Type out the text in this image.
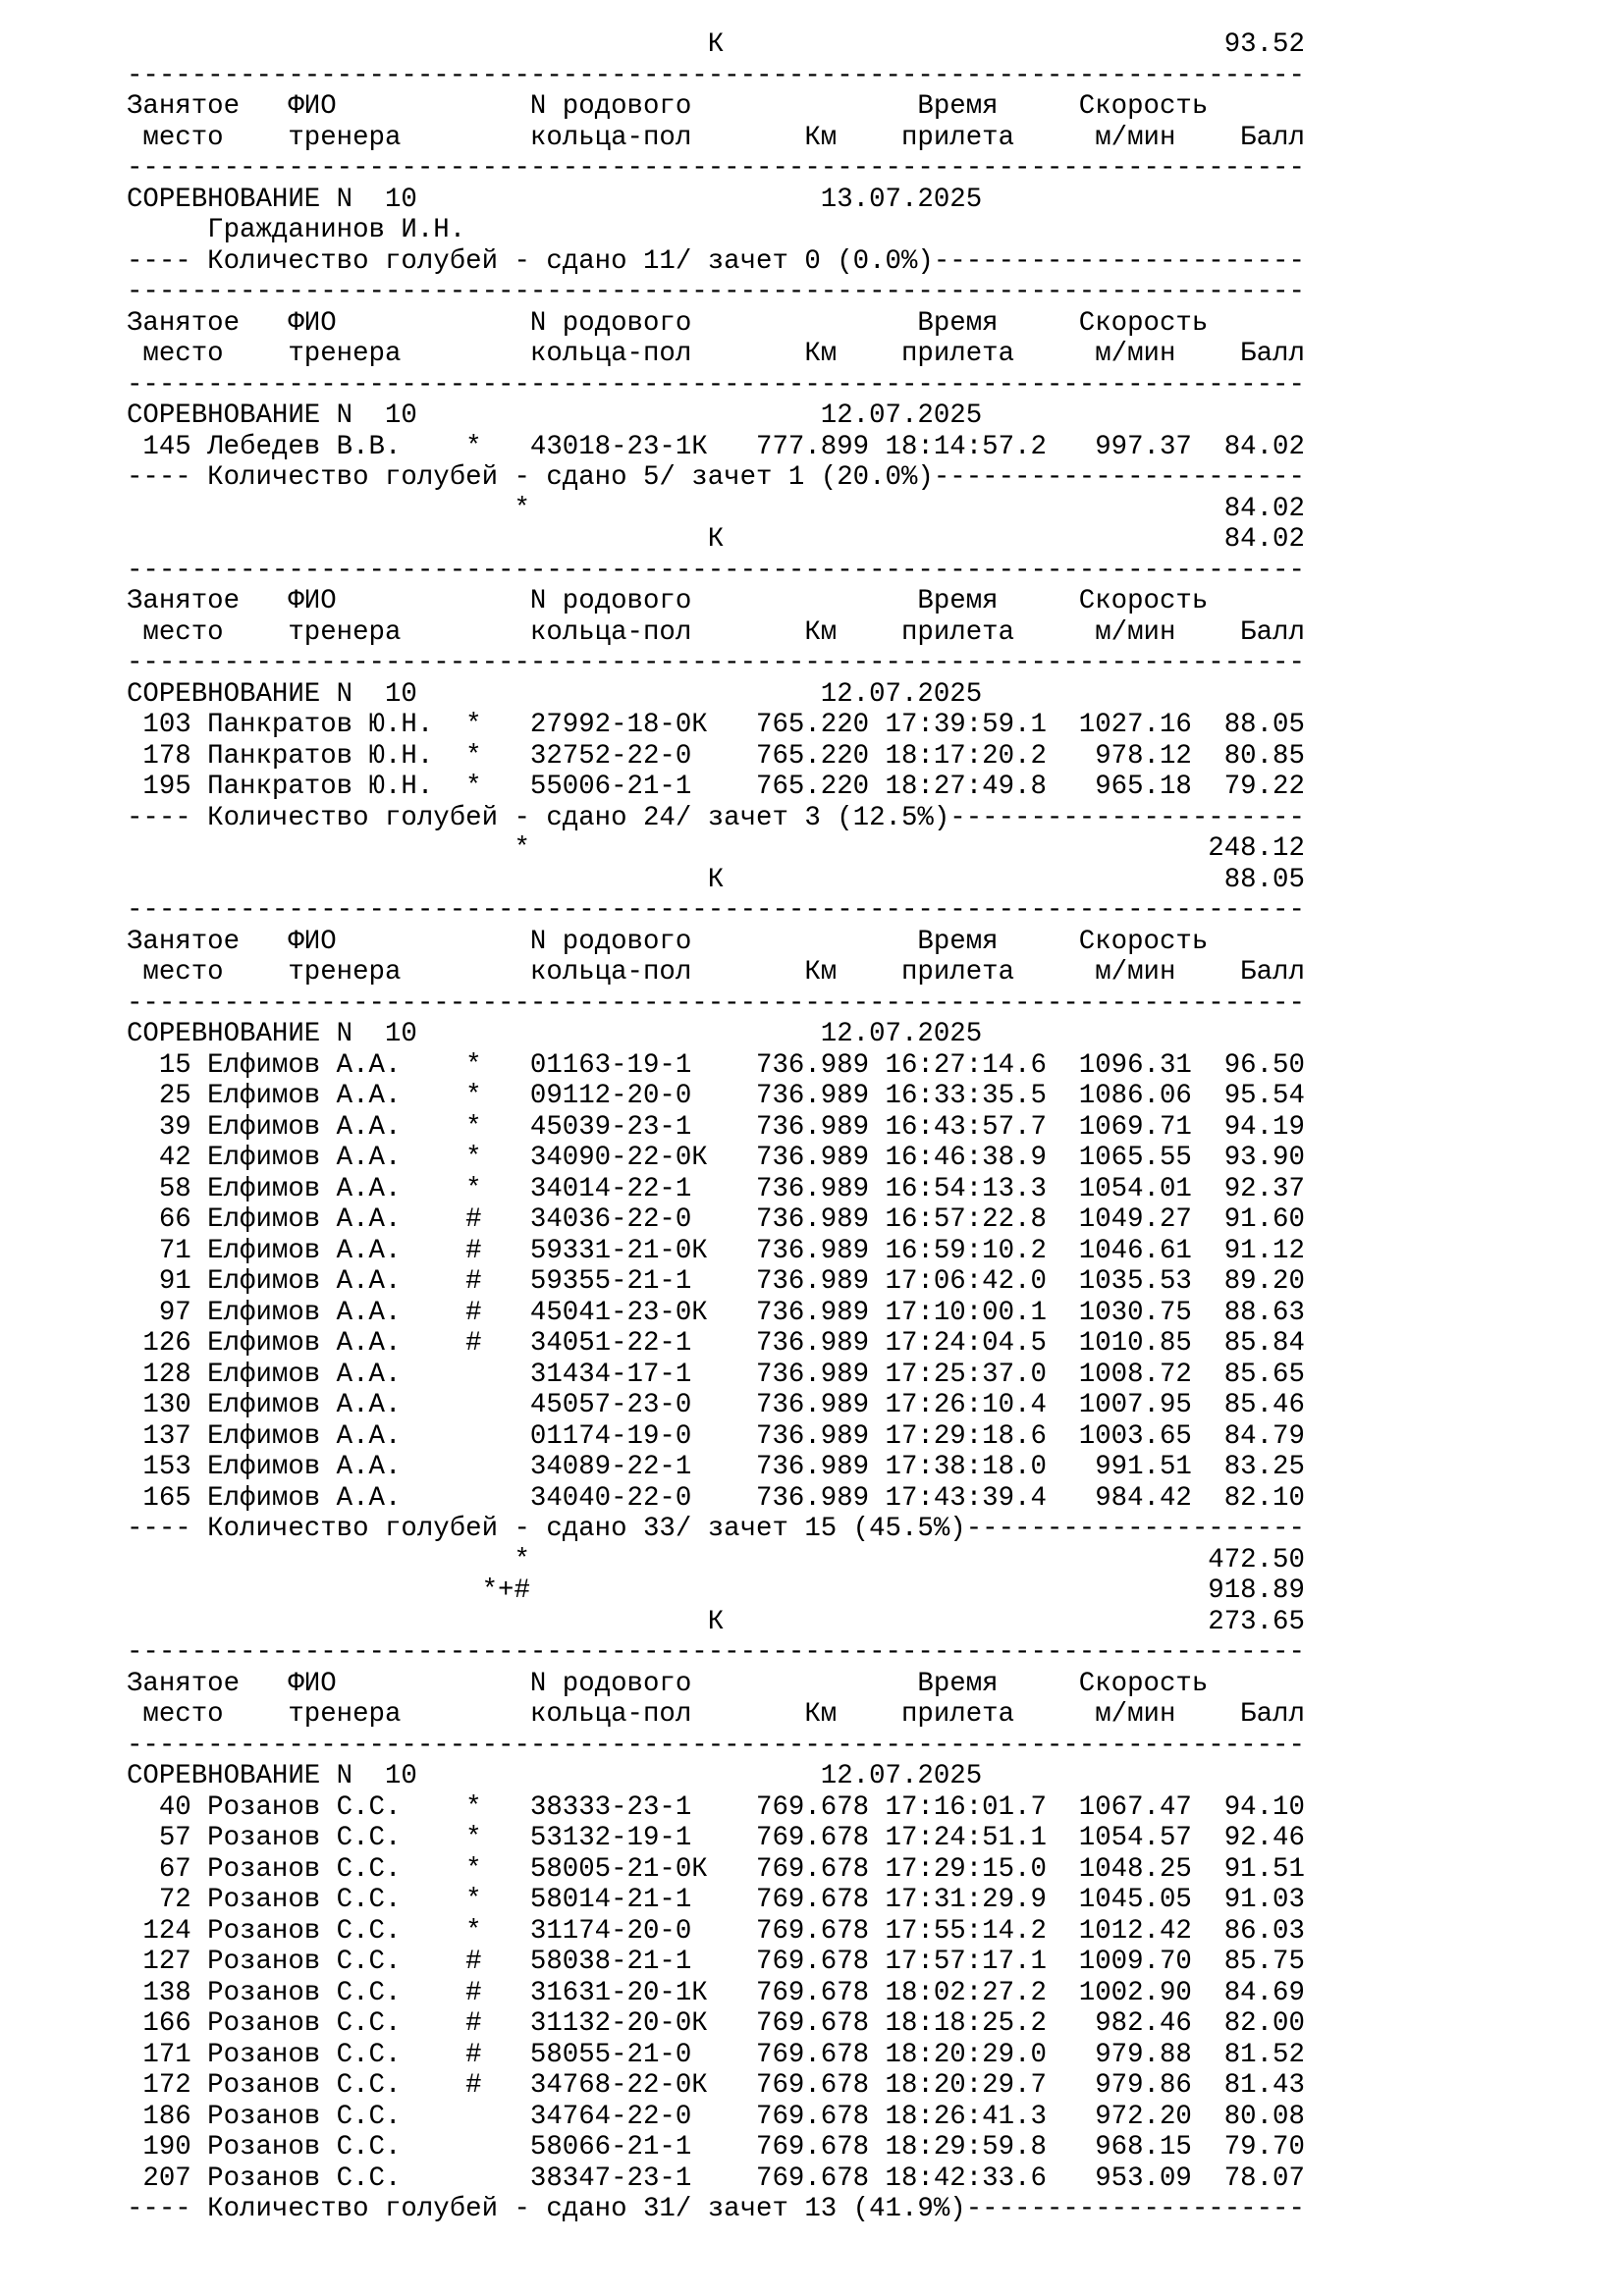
К                               93.52
-------------------------------------------------------------------------
Занятое   ФИО            N родового              Время     Скорость
место    тренера        кольца-пол       Км    прилета     м/мин    Балл
-------------------------------------------------------------------------
СОРЕВНОВАНИЕ N  10                         13.07.2025
Гражданинов И.Н.
---- Количество голубей - сдано 11/ зачет 0 (0.0%)-----------------------
-------------------------------------------------------------------------
Занятое   ФИО            N родового              Время     Скорость
место    тренера        кольца-пол       Км    прилета     м/мин    Балл
-------------------------------------------------------------------------
СОРЕВНОВАНИЕ N  10                         12.07.2025
145 Лебедев В.В.    *   43018-23-1К   777.899 18:14:57.2   997.37  84.02
---- Количество голубей - сдано 5/ зачет 1 (20.0%)-----------------------
*                                           84.02
К                               84.02
-------------------------------------------------------------------------
Занятое   ФИО            N родового              Время     Скорость
место    тренера        кольца-пол       Км    прилета     м/мин    Балл
-------------------------------------------------------------------------
СОРЕВНОВАНИЕ N  10                         12.07.2025
103 Панкратов Ю.Н.  *   27992-18-0К   765.220 17:39:59.1  1027.16  88.05
178 Панкратов Ю.Н.  *   32752-22-0    765.220 18:17:20.2   978.12  80.85
195 Панкратов Ю.Н.  *   55006-21-1    765.220 18:27:49.8   965.18  79.22
---- Количество голубей - сдано 24/ зачет 3 (12.5%)----------------------
*                                          248.12
К                               88.05
-------------------------------------------------------------------------
Занятое   ФИО            N родового              Время     Скорость
место    тренера        кольца-пол       Км    прилета     м/мин    Балл
-------------------------------------------------------------------------
СОРЕВНОВАНИЕ N  10                         12.07.2025
15 Елфимов А.А.    *   01163-19-1    736.989 16:27:14.6  1096.31  96.50
25 Елфимов А.А.    *   09112-20-0    736.989 16:33:35.5  1086.06  95.54
39 Елфимов А.А.    *   45039-23-1    736.989 16:43:57.7  1069.71  94.19
42 Елфимов А.А.    *   34090-22-0К   736.989 16:46:38.9  1065.55  93.90
58 Елфимов А.А.    *   34014-22-1    736.989 16:54:13.3  1054.01  92.37
66 Елфимов А.А.    #   34036-22-0    736.989 16:57:22.8  1049.27  91.60
71 Елфимов А.А.    #   59331-21-0К   736.989 16:59:10.2  1046.61  91.12
91 Елфимов А.А.    #   59355-21-1    736.989 17:06:42.0  1035.53  89.20
97 Елфимов А.А.    #   45041-23-0К   736.989 17:10:00.1  1030.75  88.63
126 Елфимов А.А.    #   34051-22-1    736.989 17:24:04.5  1010.85  85.84
128 Елфимов А.А.        31434-17-1    736.989 17:25:37.0  1008.72  85.65
130 Елфимов А.А.        45057-23-0    736.989 17:26:10.4  1007.95  85.46
137 Елфимов А.А.        01174-19-0    736.989 17:29:18.6  1003.65  84.79
153 Елфимов А.А.        34089-22-1    736.989 17:38:18.0   991.51  83.25
165 Елфимов А.А.        34040-22-0    736.989 17:43:39.4   984.42  82.10
---- Количество голубей - сдано 33/ зачет 15 (45.5%)---------------------
*                                          472.50
*+#                                          918.89
К                              273.65
-------------------------------------------------------------------------
Занятое   ФИО            N родового              Время     Скорость
место    тренера        кольца-пол       Км    прилета     м/мин    Балл
-------------------------------------------------------------------------
СОРЕВНОВАНИЕ N  10                         12.07.2025
40 Розанов С.С.    *   38333-23-1    769.678 17:16:01.7  1067.47  94.10
57 Розанов С.С.    *   53132-19-1    769.678 17:24:51.1  1054.57  92.46
67 Розанов С.С.    *   58005-21-0К   769.678 17:29:15.0  1048.25  91.51
72 Розанов С.С.    *   58014-21-1    769.678 17:31:29.9  1045.05  91.03
124 Розанов С.С.    *   31174-20-0    769.678 17:55:14.2  1012.42  86.03
127 Розанов С.С.    #   58038-21-1    769.678 17:57:17.1  1009.70  85.75
138 Розанов С.С.    #   31631-20-1К   769.678 18:02:27.2  1002.90  84.69
166 Розанов С.С.    #   31132-20-0К   769.678 18:18:25.2   982.46  82.00
171 Розанов С.С.    #   58055-21-0    769.678 18:20:29.0   979.88  81.52
172 Розанов С.С.    #   34768-22-0К   769.678 18:20:29.7   979.86  81.43
186 Розанов С.С.        34764-22-0    769.678 18:26:41.3   972.20  80.08
190 Розанов С.С.        58066-21-1    769.678 18:29:59.8   968.15  79.70
207 Розанов С.С.        38347-23-1    769.678 18:42:33.6   953.09  78.07
---- Количество голубей - сдано 31/ зачет 13 (41.9%)---------------------
